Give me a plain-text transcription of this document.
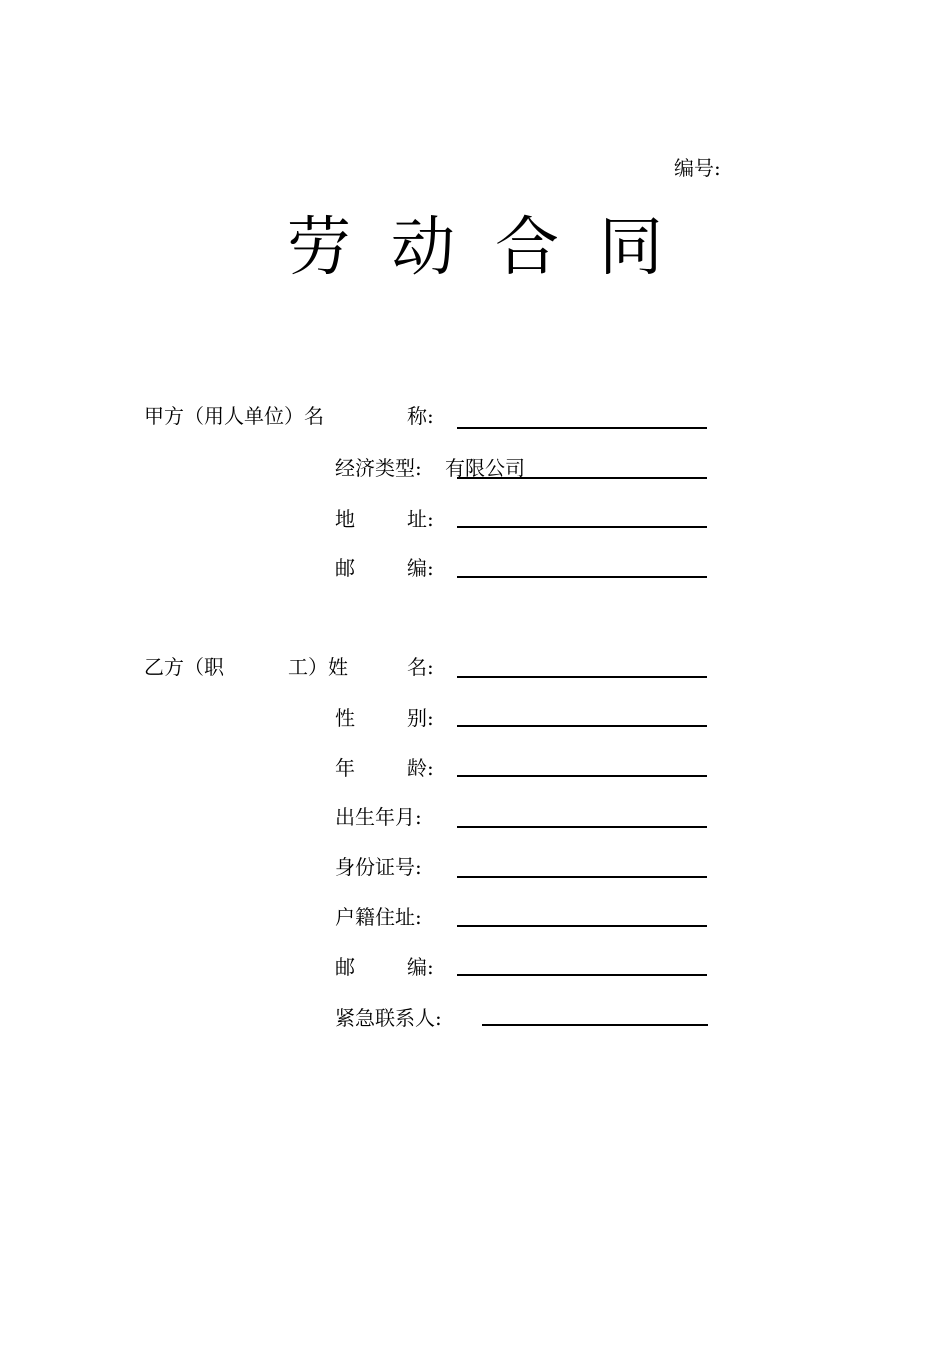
编号:
劳 动 合 同
甲方（用人单位）名	称:
经济类型: 有限公司
地	址:
邮	编:
乙方（职	工）姓	名:
性	别:
年	龄:
出生年月:
身份证号:
户籍住址:
邮	编:
紧急联系人:
